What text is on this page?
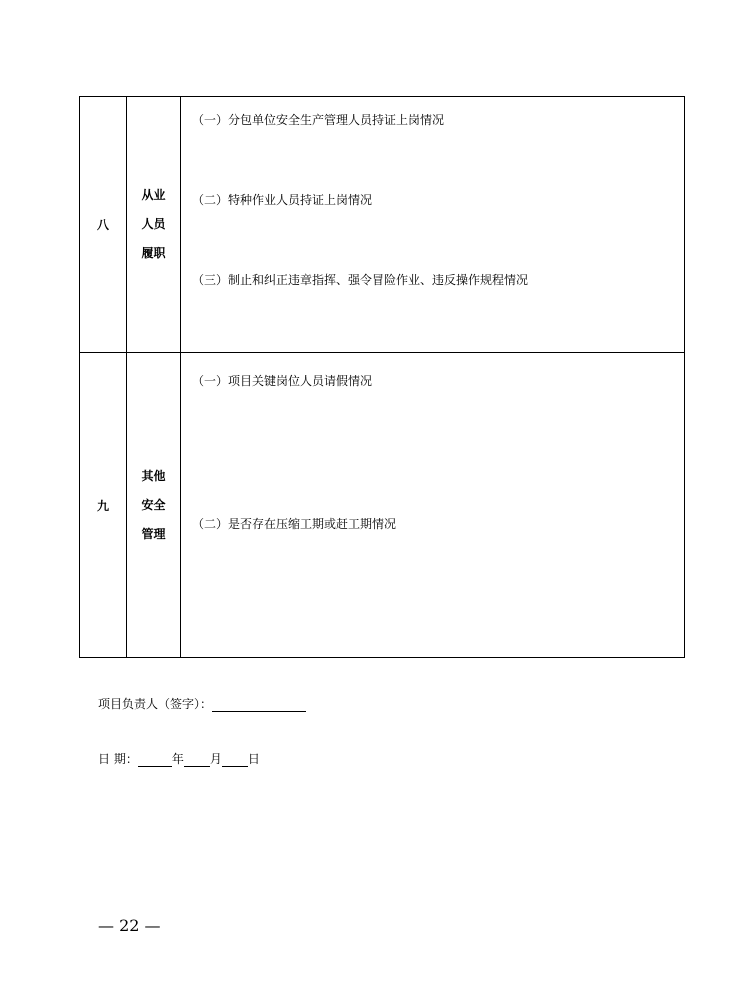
八
从业
人员
履职
（一）分包单位安全生产管理人员持证上岗情况
（二）特种作业人员持证上岗情况
（三）制止和纠正违章指挥、强令冒险作业、违反操作规程情况
九
其他
安全
管理
（一）项目关键岗位人员请假情况
（二）是否存在压缩工期或赶工期情况
项目负责人（签字）：
日 期：	年 月 日
— 22 —
